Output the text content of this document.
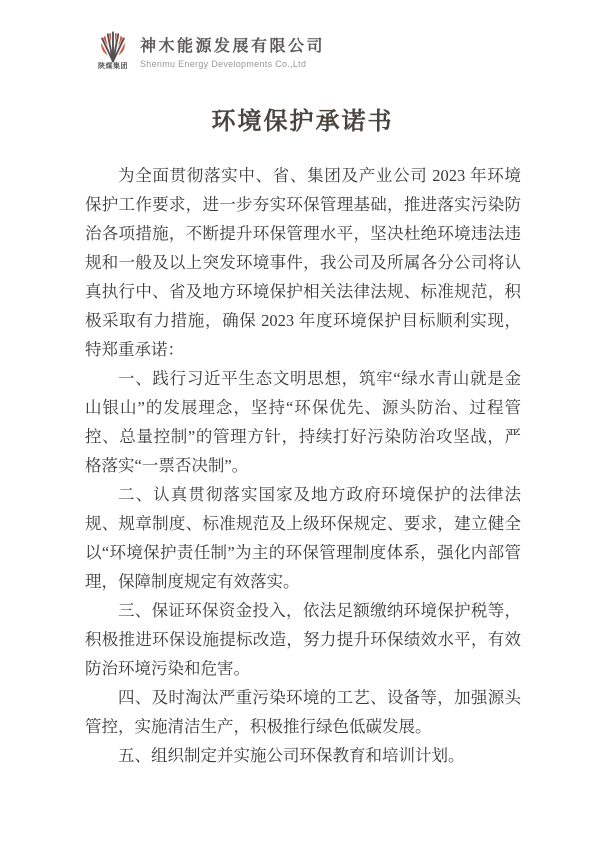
陕煤集团
神木能源发展有限公司
Shenmu Energy Developments Co.,Ltd
环境保护承诺书

为全面贯彻落实中、省、集团及产业公司 2023 年环境保护工作要求，进一步夯实环保管理基础，推进落实污染防治各项措施，不断提升环保管理水平，坚决杜绝环境违法违规和一般及以上突发环境事件，我公司及所属各分公司将认真执行中、省及地方环境保护相关法律法规、标准规范，积极采取有力措施，确保 2023 年度环境保护目标顺利实现，特郑重承诺：

一、践行习近平生态文明思想，筑牢“绿水青山就是金山银山”的发展理念，坚持“环保优先、源头防治、过程管控、总量控制”的管理方针，持续打好污染防治攻坚战，严格落实“一票否决制”。

二、认真贯彻落实国家及地方政府环境保护的法律法规、规章制度、标准规范及上级环保规定、要求，建立健全以“环境保护责任制”为主的环保管理制度体系，强化内部管理，保障制度规定有效落实。

三、保证环保资金投入，依法足额缴纳环境保护税等，积极推进环保设施提标改造，努力提升环保绩效水平，有效防治环境污染和危害。

四、及时淘汰严重污染环境的工艺、设备等，加强源头管控，实施清洁生产，积极推行绿色低碳发展。

五、组织制定并实施公司环保教育和培训计划。
